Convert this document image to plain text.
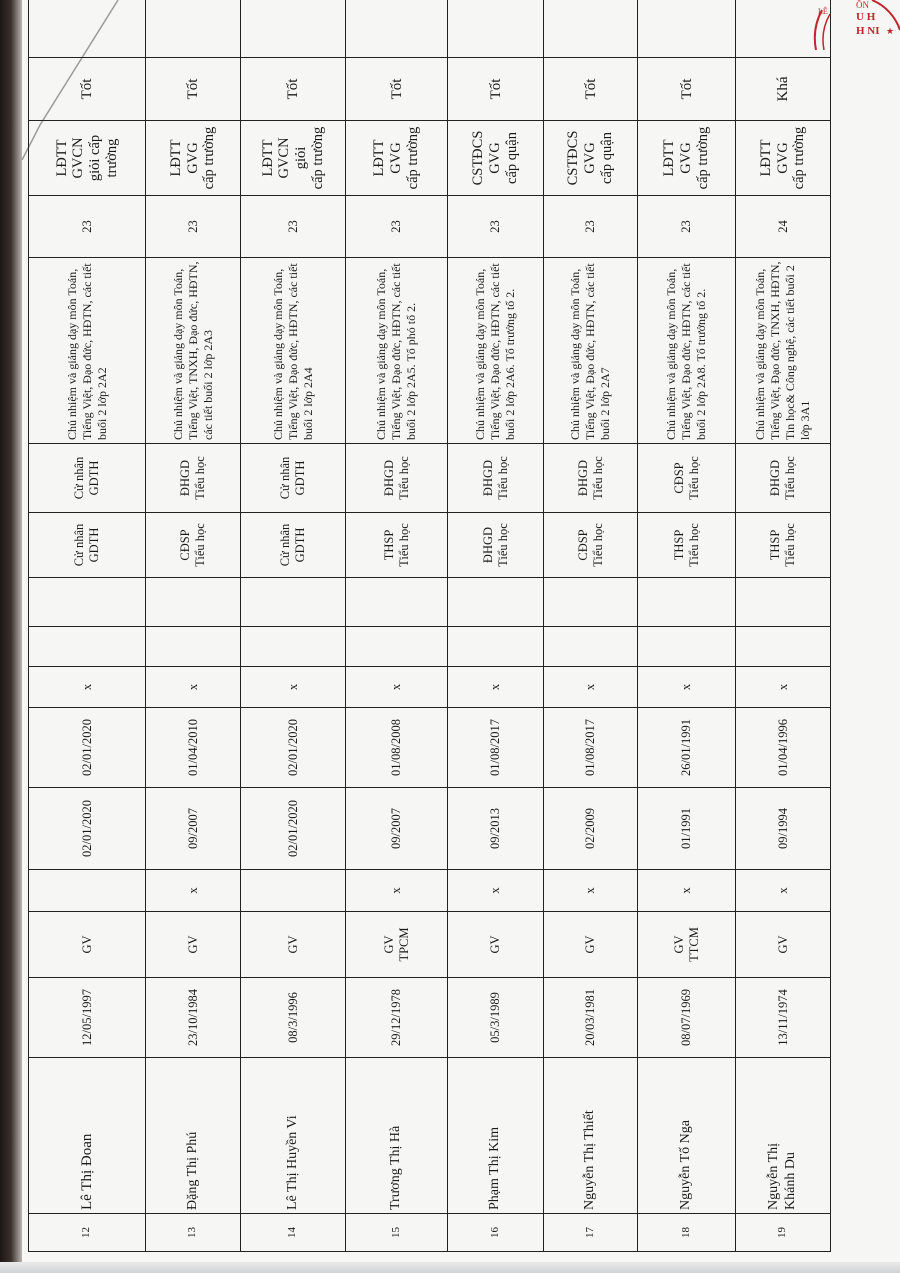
12	Lê Thị Đoan	12/05/1997	GV		02/01/2020	02/01/2020	x			Cử nhân
GDTH	Cử nhân
GDTH	Chủ nhiệm và giảng dạy môn Toán, Tiếng Việt, Đạo đức, HĐTN, các tiết buổi 2 lớp 2A2	23	LĐTT
GVCN
giỏi cấp
trường	Tốt	
13	Đặng Thị Phú	23/10/1984	GV	x	09/2007	01/04/2010	x			CĐSP
Tiểu học	ĐHGD
Tiểu học	Chủ nhiệm và giảng dạy môn Toán, Tiếng Việt, TNXH, Đạo đức, HĐTN, các tiết buổi 2 lớp 2A3	23	LĐTT
GVG
cấp trường	Tốt	
14	Lê Thị Huyền Vi	08/3/1996	GV		02/01/2020	02/01/2020	x			Cử nhân
GDTH	Cử nhân
GDTH	Chủ nhiệm và giảng dạy môn Toán, Tiếng Việt, Đạo đức, HĐTN, các tiết buổi 2 lớp 2A4	23	LĐTT
GVCN
giỏi
cấp trường	Tốt	
15	Trương Thị Hà	29/12/1978	GV
TPCM	x	09/2007	01/08/2008	x			THSP
Tiểu học	ĐHGD
Tiểu học	Chủ nhiệm và giảng dạy môn Toán, Tiếng Việt, Đạo đức, HĐTN, các tiết buổi 2 lớp 2A5. Tổ phó tổ 2.	23	LĐTT
GVG
cấp trường	Tốt	
16	Phạm Thị Kim	05/3/1989	GV	x	09/2013	01/08/2017	x			ĐHGD
Tiểu học	ĐHGD
Tiểu học	Chủ nhiệm và giảng dạy môn Toán, Tiếng Việt, Đạo đức, HĐTN, các tiết buổi 2 lớp 2A6. Tổ trưởng tổ 2.	23	CSTĐCS
GVG
cấp quận	Tốt	
17	Nguyễn Thị Thiết	20/03/1981	GV	x	02/2009	01/08/2017	x			CĐSP
Tiểu học	ĐHGD
Tiểu học	Chủ nhiệm và giảng dạy môn Toán, Tiếng Việt, Đạo đức, HĐTN, các tiết buổi 2 lớp 2A7	23	CSTĐCS
GVG
cấp quận	Tốt	
18	Nguyễn Tố Nga	08/07/1969	GV
TTCM	x	01/1991	26/01/1991	x			THSP
Tiểu học	CĐSP
Tiểu học	Chủ nhiệm và giảng dạy môn Toán, Tiếng Việt, Đạo đức, HĐTN, các tiết buổi 2 lớp 2A8. Tổ trưởng tổ 2.	23	LĐTT
GVG
cấp trường	Tốt	
19	Nguyễn Thị
Khánh Du	13/11/1974	GV	x	09/1994	01/04/1996	x			THSP
Tiểu học	ĐHGD
Tiểu học	Chủ nhiệm và giảng dạy môn Toán, Tiếng Việt, Đạo đức, TNXH, HĐTN, Tin học& Công nghệ, các tiết buổi 2 lớp 3A1	24	LĐTT
GVG
cấp trường	Khá	
LÊ
ỒN
U H
H NI ★
